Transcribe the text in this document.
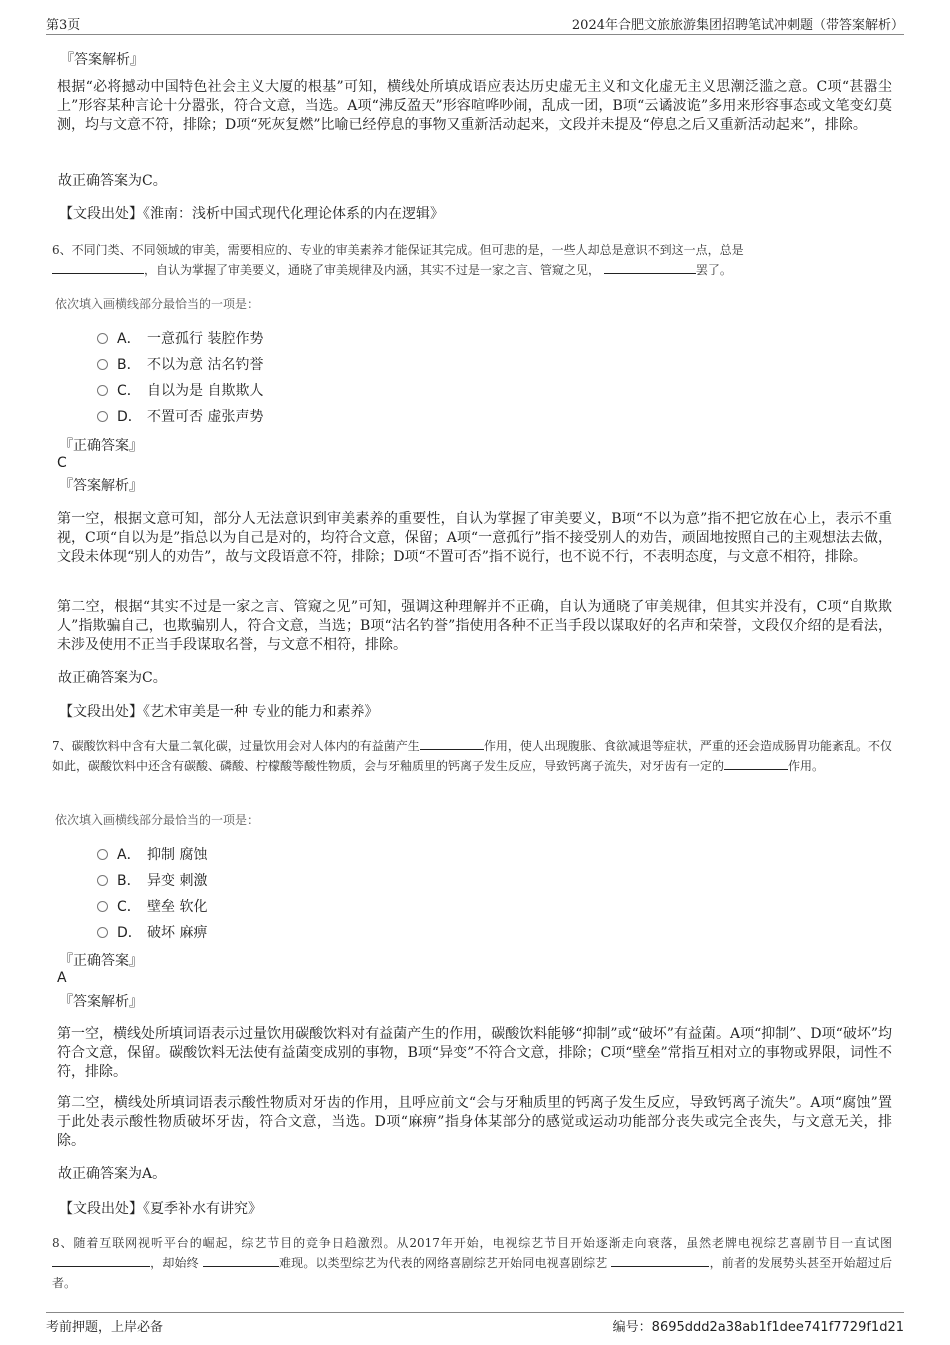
第3页	2024年合肥文旅旅游集团招聘笔试冲刺题（带答案解析）
『答案解析』
根据“必将撼动中国特色社会主义大厦的根基”可知，横线处所填成语应表达历史虚无主义和文化虚无主义思潮泛滥之意。C项“甚嚣尘上”形容某种言论十分嚣张，符合文意，当选。A项“沸反盈天”形容喧哗吵闹，乱成一团，B项“云谲波诡”多用来形容事态或文笔变幻莫测，均与文意不符，排除；D项“死灰复燃”比喻已经停息的事物又重新活动起来，文段并未提及“停息之后又重新活动起来”，排除。
故正确答案为C。
【文段出处】《淮南：浅析中国式现代化理论体系的内在逻辑》
6、不同门类、不同领域的审美，需要相应的、专业的审美素养才能保证其完成。但可悲的是，一些人却总是意识不到这一点，总是
，自认为掌握了审美要义，通晓了审美规律及内涵，其实不过是一家之言、管窥之见，	罢了。
依次填入画横线部分最恰当的一项是：
A． 一意孤行 装腔作势
B． 不以为意 沽名钓誉
C． 自以为是 自欺欺人
D． 不置可否 虚张声势
『正确答案』
C
『答案解析』
第一空，根据文意可知，部分人无法意识到审美素养的重要性，自认为掌握了审美要义，B项“不以为意”指不把它放在心上，表示不重视，C项“自以为是”指总以为自己是对的，均符合文意，保留；A项“一意孤行”指不接受别人的劝告，顽固地按照自己的主观想法去做，文段未体现“别人的劝告”，故与文段语意不符，排除；D项“不置可否”指不说行，也不说不行，不表明态度，与文意不相符，排除。
第二空，根据“其实不过是一家之言、管窥之见”可知，强调这种理解并不正确，自认为通晓了审美规律，但其实并没有，C项“自欺欺人”指欺骗自己，也欺骗别人，符合文意，当选；B项“沽名钓誉”指使用各种不正当手段以谋取好的名声和荣誉，文段仅介绍的是看法，未涉及使用不正当手段谋取名誉，与文意不相符，排除。
故正确答案为C。
【文段出处】《艺术审美是一种 专业的能力和素养》
7、碳酸饮料中含有大量二氧化碳，过量饮用会对人体内的有益菌产生	作用，使人出现腹胀、食欲减退等症状，严重的还会造成肠胃功能紊乱。不仅如此，碳酸饮料中还含有碳酸、磷酸、柠檬酸等酸性物质，会与牙釉质里的钙离子发生反应，导致钙离子流失，对牙齿有一定的	作用。
依次填入画横线部分最恰当的一项是：
A． 抑制 腐蚀
B． 异变 刺激
C． 壁垒 软化
D． 破坏 麻痹
『正确答案』
A
『答案解析』
第一空，横线处所填词语表示过量饮用碳酸饮料对有益菌产生的作用，碳酸饮料能够“抑制”或“破坏”有益菌。A项“抑制”、D项“破坏”均符合文意，保留。碳酸饮料无法使有益菌变成别的事物，B项“异变”不符合文意，排除；C项“壁垒”常指互相对立的事物或界限，词性不符，排除。
第二空，横线处所填词语表示酸性物质对牙齿的作用，且呼应前文“会与牙釉质里的钙离子发生反应，导致钙离子流失”。A项“腐蚀”置于此处表示酸性物质破坏牙齿，符合文意，当选。D项“麻痹”指身体某部分的感觉或运动功能部分丧失或完全丧失，与文意无关，排除。
故正确答案为A。
【文段出处】《夏季补水有讲究》
8、随着互联网视听平台的崛起，综艺节目的竞争日趋激烈。从2017年开始，电视综艺节目开始逐渐走向衰落，虽然老牌电视综艺喜剧节目一直试图，却始终	难现。以类型综艺为代表的网络喜剧综艺开始同电视喜剧综艺	，前者的发展势头甚至开始超过后者。
考前押题，上岸必备	编号：8695ddd2a38ab1f1dee741f7729f1d21
